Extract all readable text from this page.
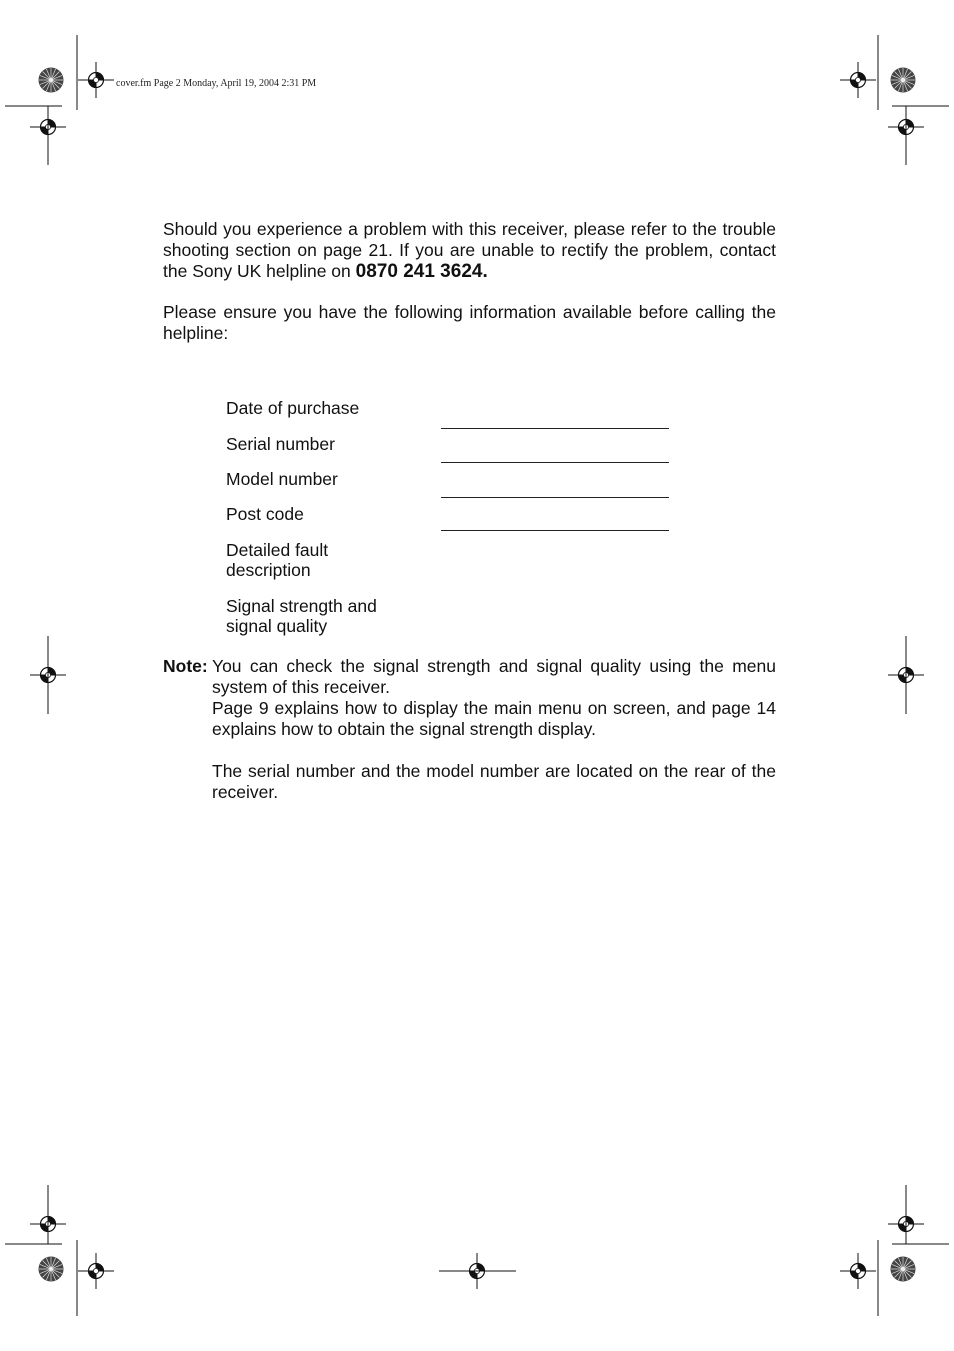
cover.fm Page 2 Monday, April 19, 2004 2:31 PM

Should you experience a problem with this receiver, please refer to the trouble shooting section on page 21. If you are unable to rectify the problem, contact the Sony UK helpline on 0870 241 3624.

Please ensure you have the following information available before calling the helpline:

Date of purchase

Serial number

Model number

Post code

Detailed fault description

Signal strength and signal quality

Note: You can check the signal strength and signal quality using the menu system of this receiver.
Page 9 explains how to display the main menu on screen, and page 14 explains how to obtain the signal strength display.
The serial number and the model number are located on the rear of the receiver.
